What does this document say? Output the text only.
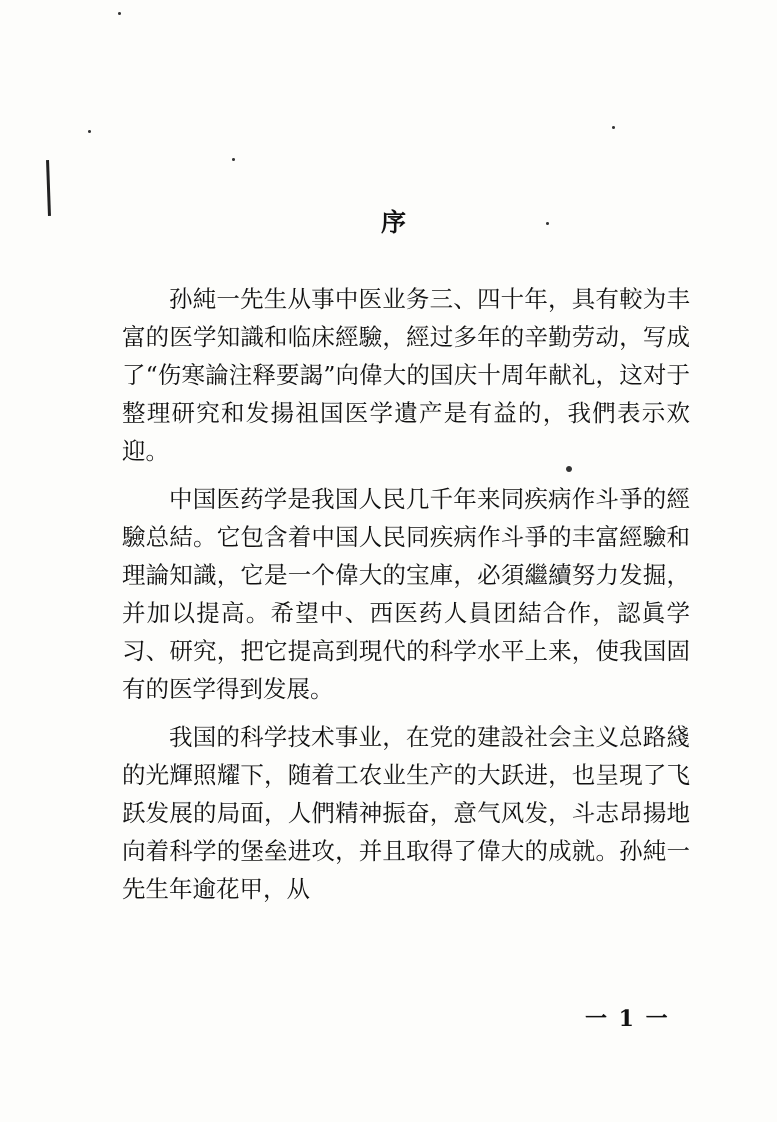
序

孙純一先生从事中医业务三、四十年，具有較为丰富的医学知識和临床經驗，經过多年的辛勤劳动，写成了“伤寒論注释要謁”向偉大的国庆十周年献礼，这对于整理研究和发揚祖国医学遺产是有益的，我們表示欢迎。

中国医药学是我国人民几千年来同疾病作斗爭的經驗总結。它包含着中国人民同疾病作斗爭的丰富經驗和理論知識，它是一个偉大的宝庫，必須繼續努力发掘，并加以提高。希望中、西医药人員团結合作，認眞学习、研究，把它提高到現代的科学水平上来，使我国固有的医学得到发展。

我国的科学技术事业，在党的建設社会主义总路綫的光輝照耀下，随着工农业生产的大跃进，也呈現了飞跃发展的局面，人們精神振奋，意气风发，斗志昂揚地向着科学的堡垒进攻，并且取得了偉大的成就。孙純一先生年逾花甲，从

一 1 一
